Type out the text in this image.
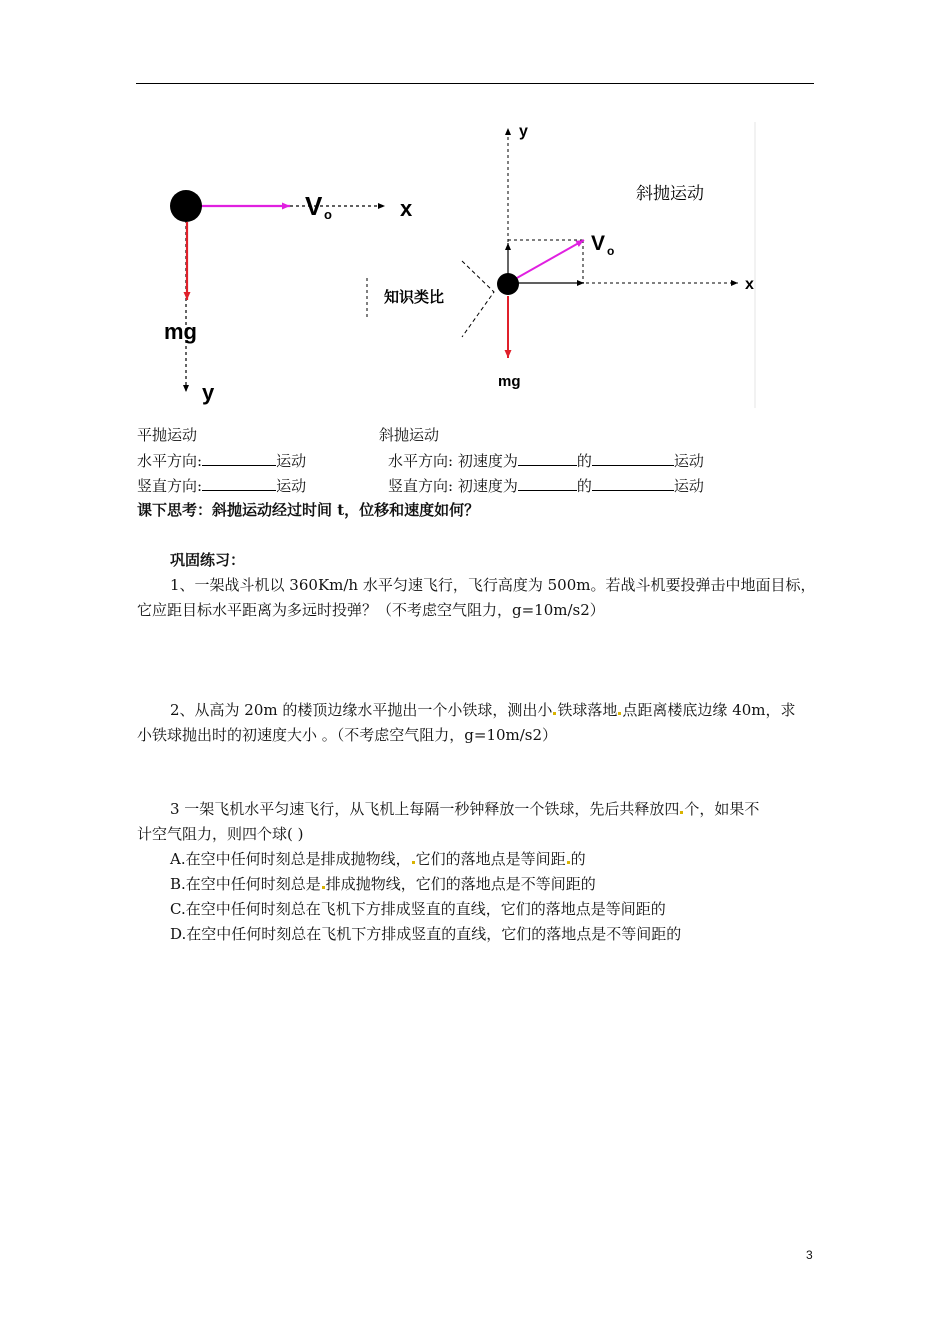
V o	x
mg
y
知识类比
y
斜抛运动
V o
x
mg
平抛运动	斜抛运动
水平方向:	运动	水平方向: 初速度为	的	运动
竖直方向:	运动	竖直方向: 初速度为	的	运动
课下思考：斜抛运动经过时间 t，位移和速度如何？
巩固练习：
1、一架战斗机以 360Km/h 水平匀速飞行，飞行高度为 500m。若战斗机要投弹击中地面目标，
它应距目标水平距离为多远时投弹？（不考虑空气阻力，g=10m/s2）
2、从高为 20m 的楼顶边缘水平抛出一个小铁球，测出小 铁球落地 点距离楼底边缘 40m，求
小铁球抛出时的初速度大小 。（不考虑空气阻力，g=10m/s2）
3 一架飞机水平匀速飞行，从飞机上每隔一秒钟释放一个铁球，先后共释放四 个，如果不
计空气阻力，则四个球( )
A.在空中任何时刻总是排成抛物线， 它们的落地点是等间距 的
B.在空中任何时刻总是 排成抛物线，它们的落地点是不等间距的
C.在空中任何时刻总在飞机下方排成竖直的直线，它们的落地点是等间距的
D.在空中任何时刻总在飞机下方排成竖直的直线，它们的落地点是不等间距的
3
